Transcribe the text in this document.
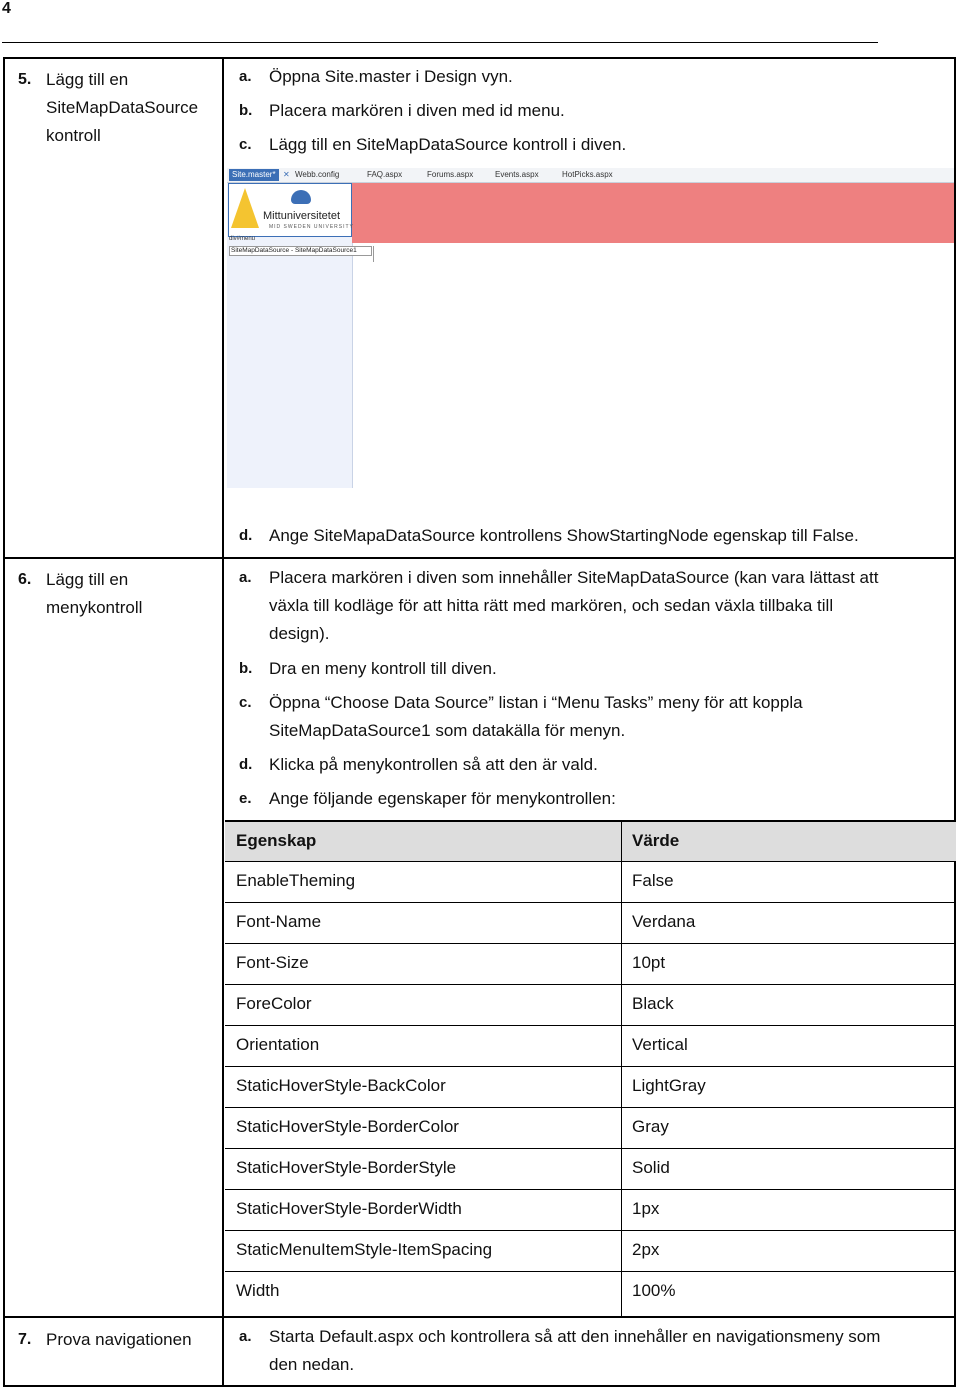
4
5. Lägg till en
SiteMapDataSource
kontroll
a. Öppna Site.master i Design vyn.
b. Placera markören i diven med id menu.
c. Lägg till en SiteMapDataSource kontroll i diven.
Site.master* ✕ Webb.config	FAQ.aspx	Forums.aspx	Events.aspx	HotPicks.aspx
Mittuniversitetet
MID SWEDEN UNIVERSITY
div#menu
SiteMapDataSource - SiteMapDataSource1
d. Ange SiteMapaDataSource kontrollens ShowStartingNode egenskap till False.
6. Lägg till en
menykontroll
a. Placera markören i diven som innehåller SiteMapDataSource (kan vara lättast att
växla till kodläge för att hitta rätt med markören, och sedan växla tillbaka till
design).
b. Dra en meny kontroll till diven.
c. Öppna “Choose Data Source” listan i “Menu Tasks” meny för att koppla
SiteMapDataSource1 som datakälla för menyn.
d. Klicka på menykontrollen så att den är vald.
e. Ange följande egenskaper för menykontrollen:
Egenskap	Värde
EnableTheming	False
Font-Name	Verdana
Font-Size	10pt
ForeColor	Black
Orientation	Vertical
StaticHoverStyle-BackColor	LightGray
StaticHoverStyle-BorderColor	Gray
StaticHoverStyle-BorderStyle	Solid
StaticHoverStyle-BorderWidth	1px
StaticMenuItemStyle-ItemSpacing	2px
Width	100%
7. Prova navigationen	a. Starta Default.aspx och kontrollera så att den innehåller en navigationsmeny som
den nedan.
